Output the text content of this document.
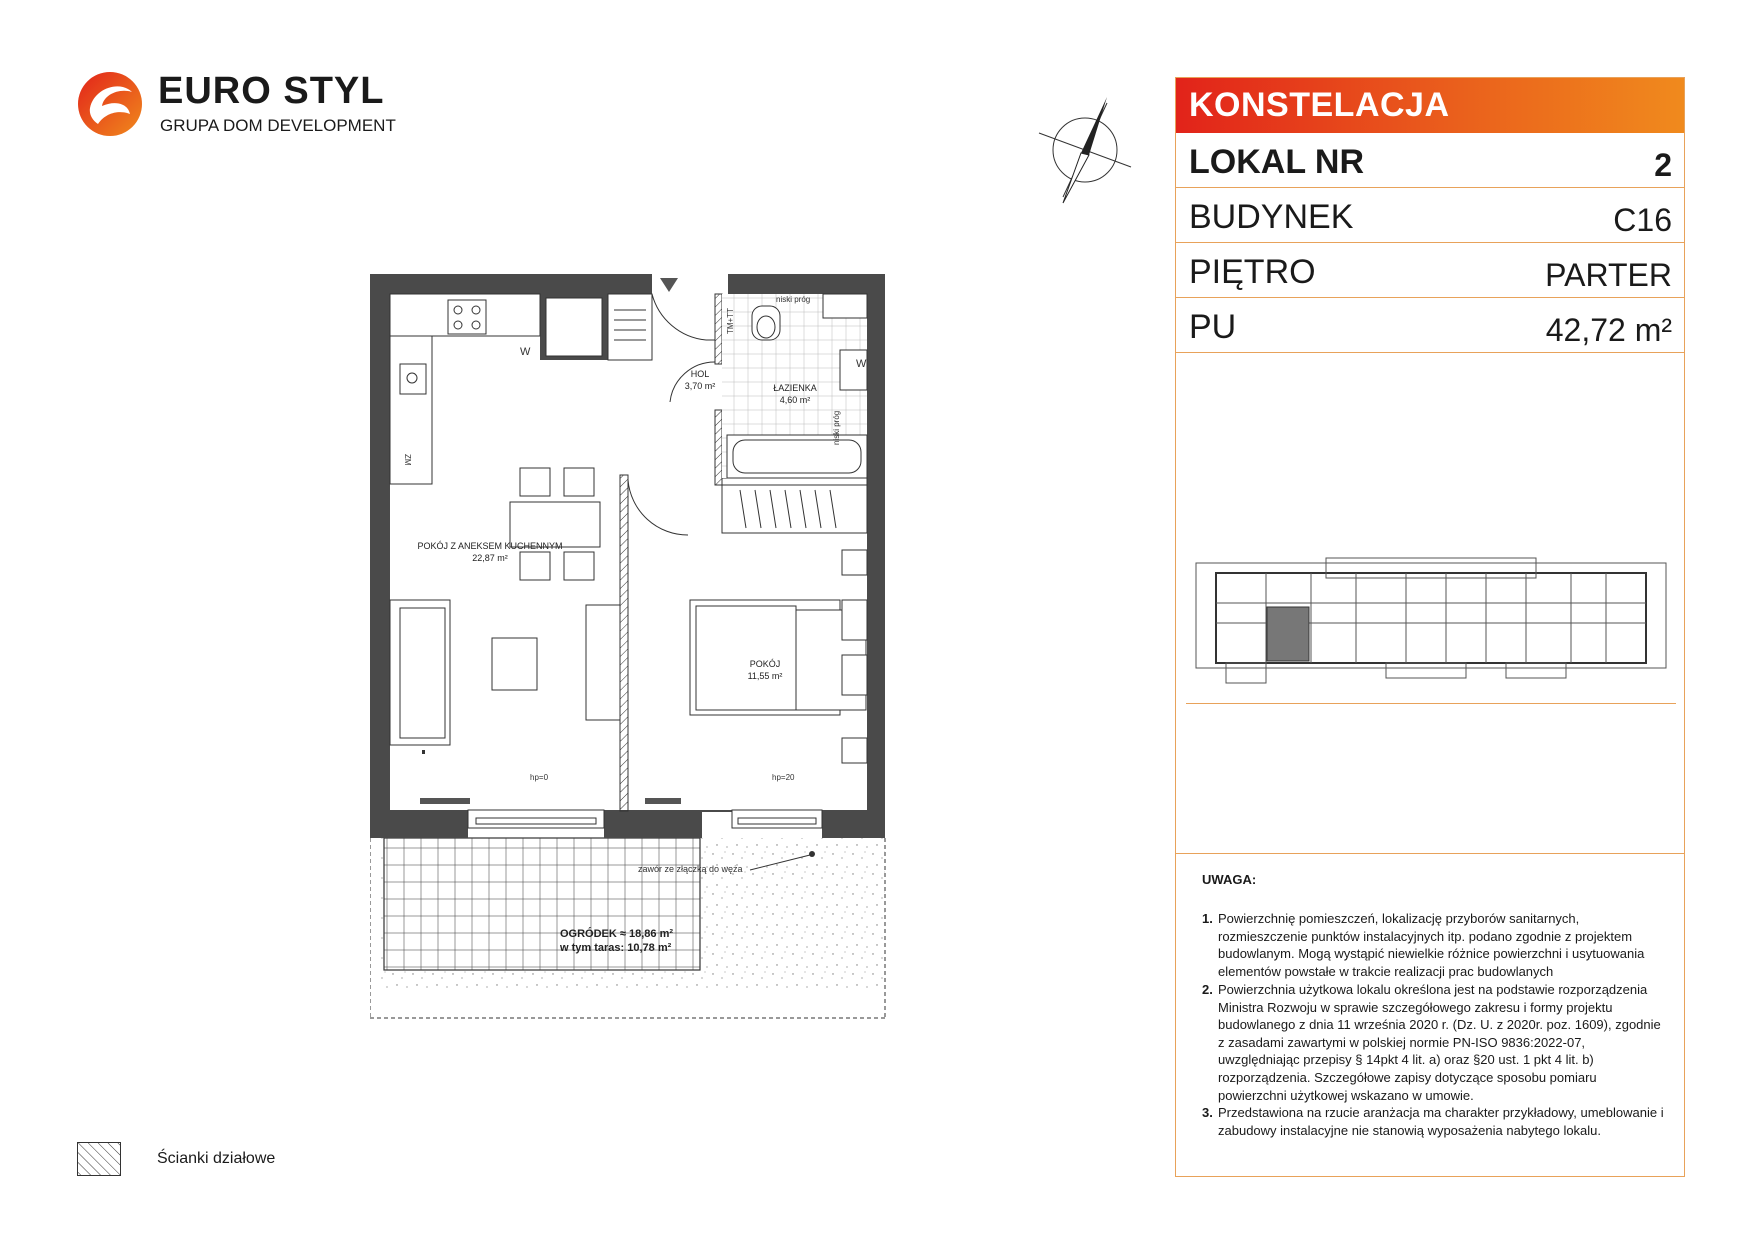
EURO STYL
GRUPA DOM DEVELOPMENT
HOL
3,70 m²	ŁAZIENKA
4,60 m²
POKÓJ Z ANEKSEM KUCHENNYM
22,87 m²
POKÓJ
11,55 m²
niski próg
niski próg
TM+TT
ZM
W
W
hp=0	hp=20
zawór ze złączką do węża
OGRÓDEK ≈ 18,86 m²
w tym taras: 10,78 m²
KONSTELACJA
LOKAL NR	2
BUDYNEK	C16
PIĘTRO	PARTER
PU	42,72 m²
UWAGA:
1. Powierzchnię pomieszczeń, lokalizację przyborów sanitarnych, rozmieszczenie punktów instalacyjnych itp. podano zgodnie z projektem budowlanym. Mogą wystąpić niewielkie różnice powierzchni i usytuowania elementów powstałe w trakcie realizacji prac budowlanych
2. Powierzchnia użytkowa lokalu określona jest na podstawie rozporządzenia Ministra Rozwoju w sprawie szczegółowego zakresu i formy projektu budowlanego z dnia 11 września 2020 r. (Dz. U. z 2020r. poz. 1609), zgodnie z zasadami zawartymi w polskiej normie PN-ISO 9836:2022-07, uwzględniając przepisy § 14pkt 4 lit. a) oraz §20 ust. 1 pkt 4 lit. b) rozporządzenia. Szczegółowe zapisy dotyczące sposobu pomiaru powierzchni użytkowej wskazano w umowie.
3. Przedstawiona na rzucie aranżacja ma charakter przykładowy, umeblowanie i zabudowy instalacyjne nie stanowią wyposażenia nabytego lokalu.
Ścianki działowe
